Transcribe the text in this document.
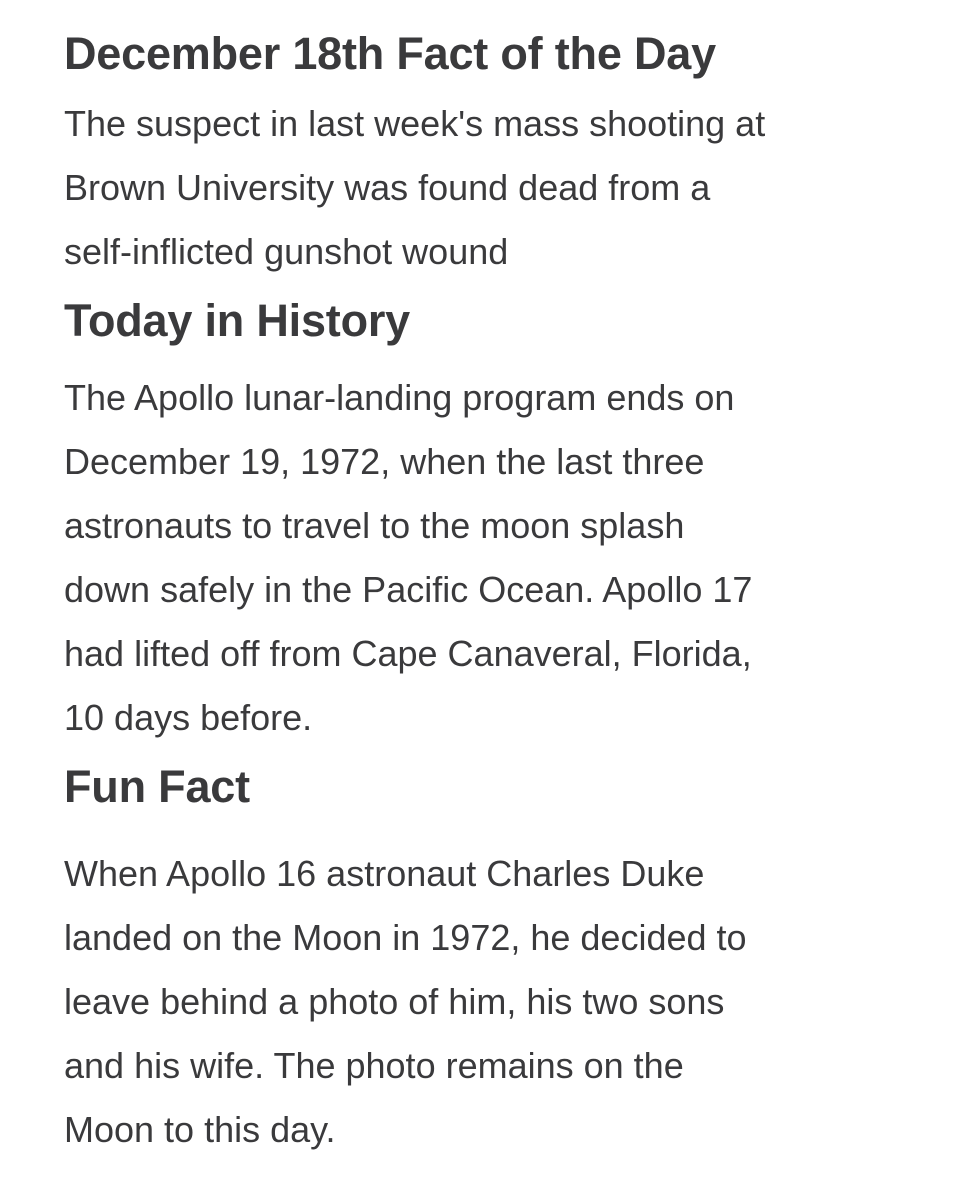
December 18th Fact of the Day

The suspect in last week's mass shooting at
Brown University was found dead from a
self-inflicted gunshot wound

Today in History

The Apollo lunar-landing program ends on
December 19, 1972, when the last three
astronauts to travel to the moon splash
down safely in the Pacific Ocean. Apollo 17
had lifted off from Cape Canaveral, Florida,
10 days before.

Fun Fact

When Apollo 16 astronaut Charles Duke
landed on the Moon in 1972, he decided to
leave behind a photo of him, his two sons
and his wife. The photo remains on the
Moon to this day.
